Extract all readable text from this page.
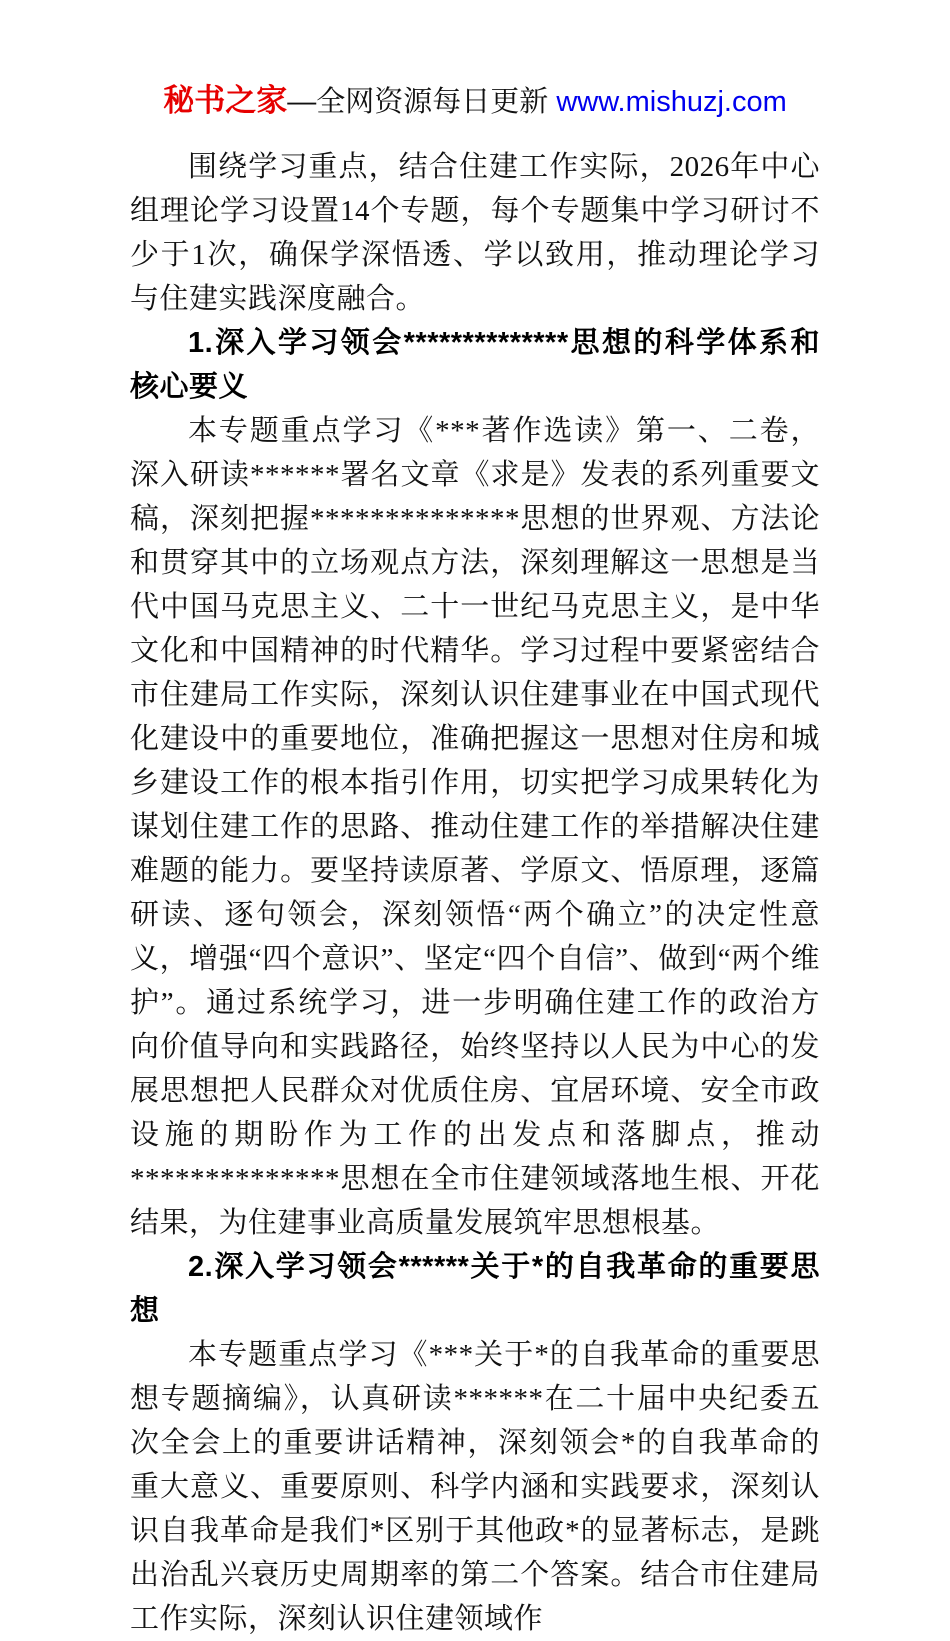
秘书之家—全网资源每日更新 www.mishuzj.com

围绕学习重点，结合住建工作实际，2026年中心组理论学习设置14个专题，每个专题集中学习研讨不少于1次，确保学深悟透、学以致用，推动理论学习与住建实践深度融合。

1.深入学习领会**************思想的科学体系和核心要义

本专题重点学习《***著作选读》第一、二卷，深入研读******署名文章《求是》发表的系列重要文稿，深刻把握**************思想的世界观、方法论和贯穿其中的立场观点方法，深刻理解这一思想是当代中国马克思主义、二十一世纪马克思主义，是中华文化和中国精神的时代精华。学习过程中要紧密结合市住建局工作实际，深刻认识住建事业在中国式现代化建设中的重要地位，准确把握这一思想对住房和城乡建设工作的根本指引作用，切实把学习成果转化为谋划住建工作的思路、推动住建工作的举措解决住建难题的能力。要坚持读原著、学原文、悟原理，逐篇研读、逐句领会，深刻领悟“两个确立”的决定性意义，增强“四个意识”、坚定“四个自信”、做到“两个维护”。通过系统学习，进一步明确住建工作的政治方向价值导向和实践路径，始终坚持以人民为中心的发展思想把人民群众对优质住房、宜居环境、安全市政设施的期盼作为工作的出发点和落脚点，推动**************思想在全市住建领域落地生根、开花结果，为住建事业高质量发展筑牢思想根基。

2.深入学习领会******关于*的自我革命的重要思想

本专题重点学习《***关于*的自我革命的重要思想专题摘编》，认真研读******在二十届中央纪委五次全会上的重要讲话精神，深刻领会*的自我革命的重大意义、重要原则、科学内涵和实践要求，深刻认识自我革命是我们*区别于其他政*的显著标志，是跳出治乱兴衰历史周期率的第二个答案。结合市住建局工作实际，深刻认识住建领域作
